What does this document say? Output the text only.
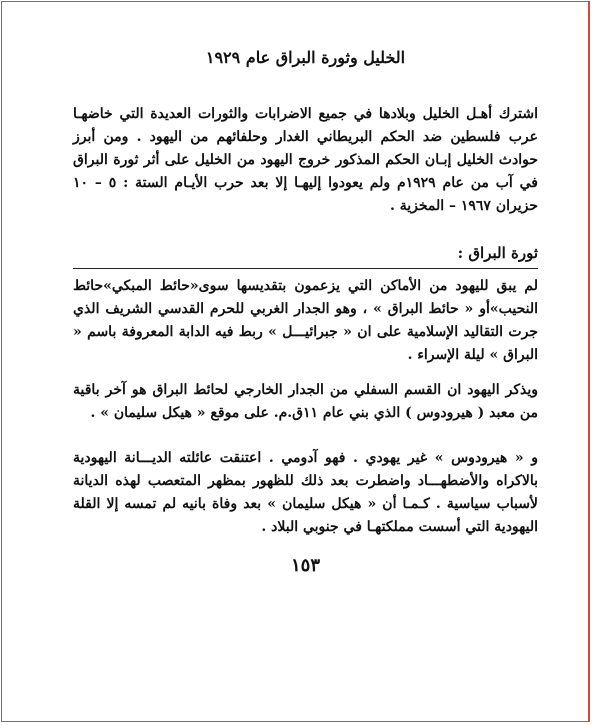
الخليل وثورة البراق عام ١٩٢٩

اشترك أهـل الخليل وبلادها في جميع الاضرابات والثورات العديدة التي خاضهـا عرب فلسطين ضد الحكم البريطاني الغدار وحلفائهم من اليهود . ومن أبرز حوادث الخليل إبـان الحكم المذكور خروج اليهود من الخليل على أثر ثورة البراق في آب من عام ١٩٢٩م ولم يعودوا إليهـا إلا بعد حرب الأيـام الستة : ٥ – ١٠ حزيران ١٩٦٧ – المخزية .

ثورة البراق :

لم يبق لليهود من الأماكن التي يزعمون بتقديسها سوى«حائط المبكي»حائط النحيب»أو « حائط البراق » ، وهو الجدار الغربي للحرم القدسي الشريف الذي جرت التقاليد الإسلامية على ان « جبرائيـــل » ربط فيه الدابة المعروفة باسم « البراق » ليلة الإسراء .

ويذكر اليهود ان القسم السفلي من الجدار الخارجي لحائط البراق هو آخر باقية من معبد ( هيرودوس ) الذي بني عام ١١ق.م. على موقع « هيكل سليمان » .

و « هيرودوس » غير يهودي . فهو آدومي . اعتنقت عائلته الديـــانة اليهودية بالاكراه والأضطهـــاد واضطرت بعد ذلك للظهور بمظهر المتعصب لهذه الديانة لأسباب سياسية . كـمـا أن « هيكل سليمان » بعد وفاة بانيه لم تمسه إلا القلة اليهودية التي أسست مملكتهـا في جنوبي البلاد .

١٥٣
